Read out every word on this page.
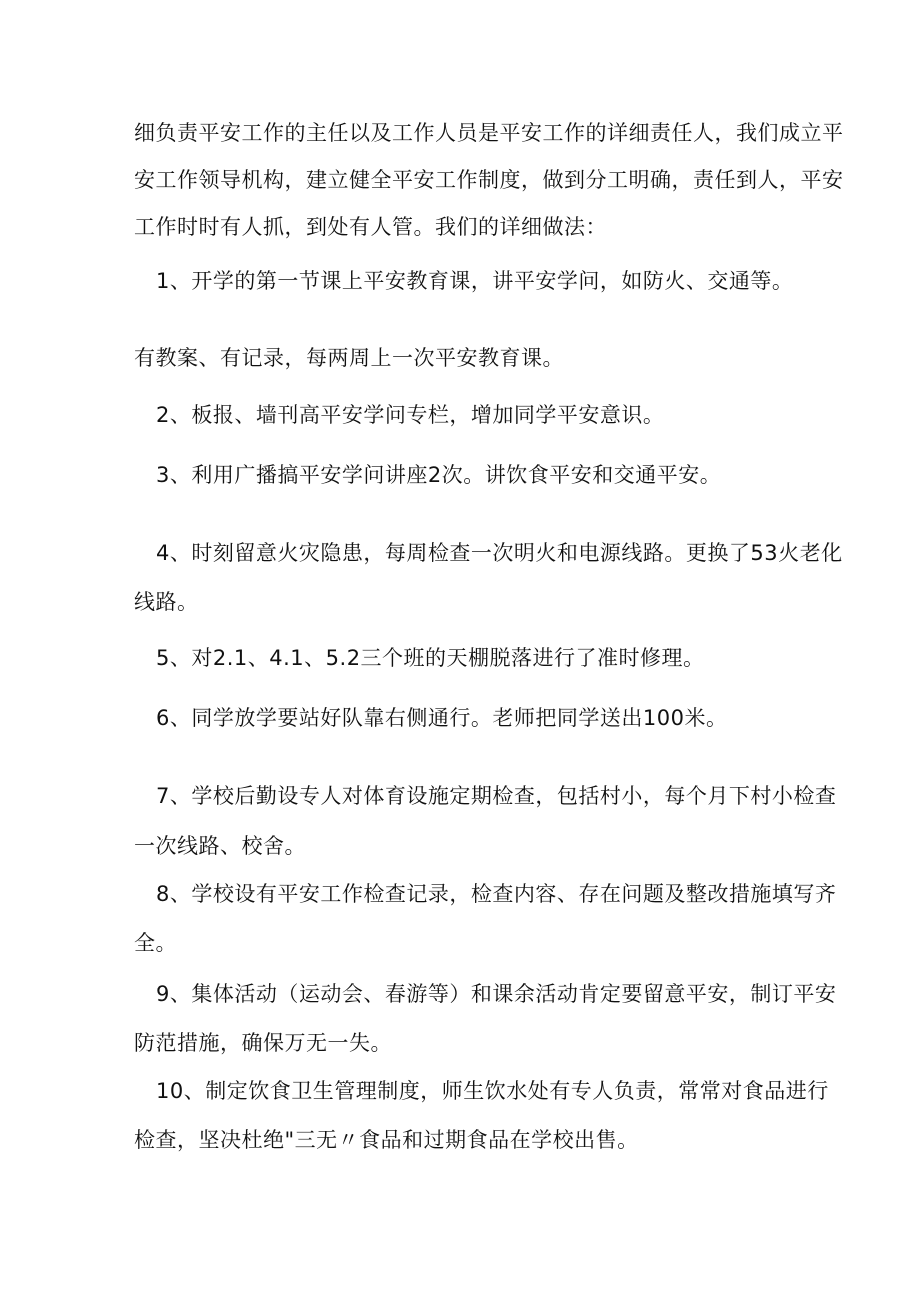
细负责平安工作的主任以及工作人员是平安工作的详细责任人，我们成立平

安工作领导机构，建立健全平安工作制度，做到分工明确，责任到人，平安

工作时时有人抓，到处有人管。我们的详细做法：

1、开学的第一节课上平安教育课，讲平安学问，如防火、交通等。

有教案、有记录，每两周上一次平安教育课。

2、板报、墙刊高平安学问专栏，增加同学平安意识。

3、利用广播搞平安学问讲座2次。讲饮食平安和交通平安。

4、时刻留意火灾隐患，每周检查一次明火和电源线路。更换了53火老化

线路。

5、对2.1、4.1、5.2三个班的天棚脱落进行了准时修理。

6、同学放学要站好队靠右侧通行。老师把同学送出100米。

7、学校后勤设专人对体育设施定期检查，包括村小，每个月下村小检查

一次线路、校舍。

8、学校设有平安工作检查记录，检查内容、存在问题及整改措施填写齐

全。

9、集体活动（运动会、春游等）和课余活动肯定要留意平安，制订平安

防范措施，确保万无一失。

10、制定饮食卫生管理制度，师生饮水处有专人负责，常常对食品进行

检查，坚决杜绝"三无〃食品和过期食品在学校出售。
